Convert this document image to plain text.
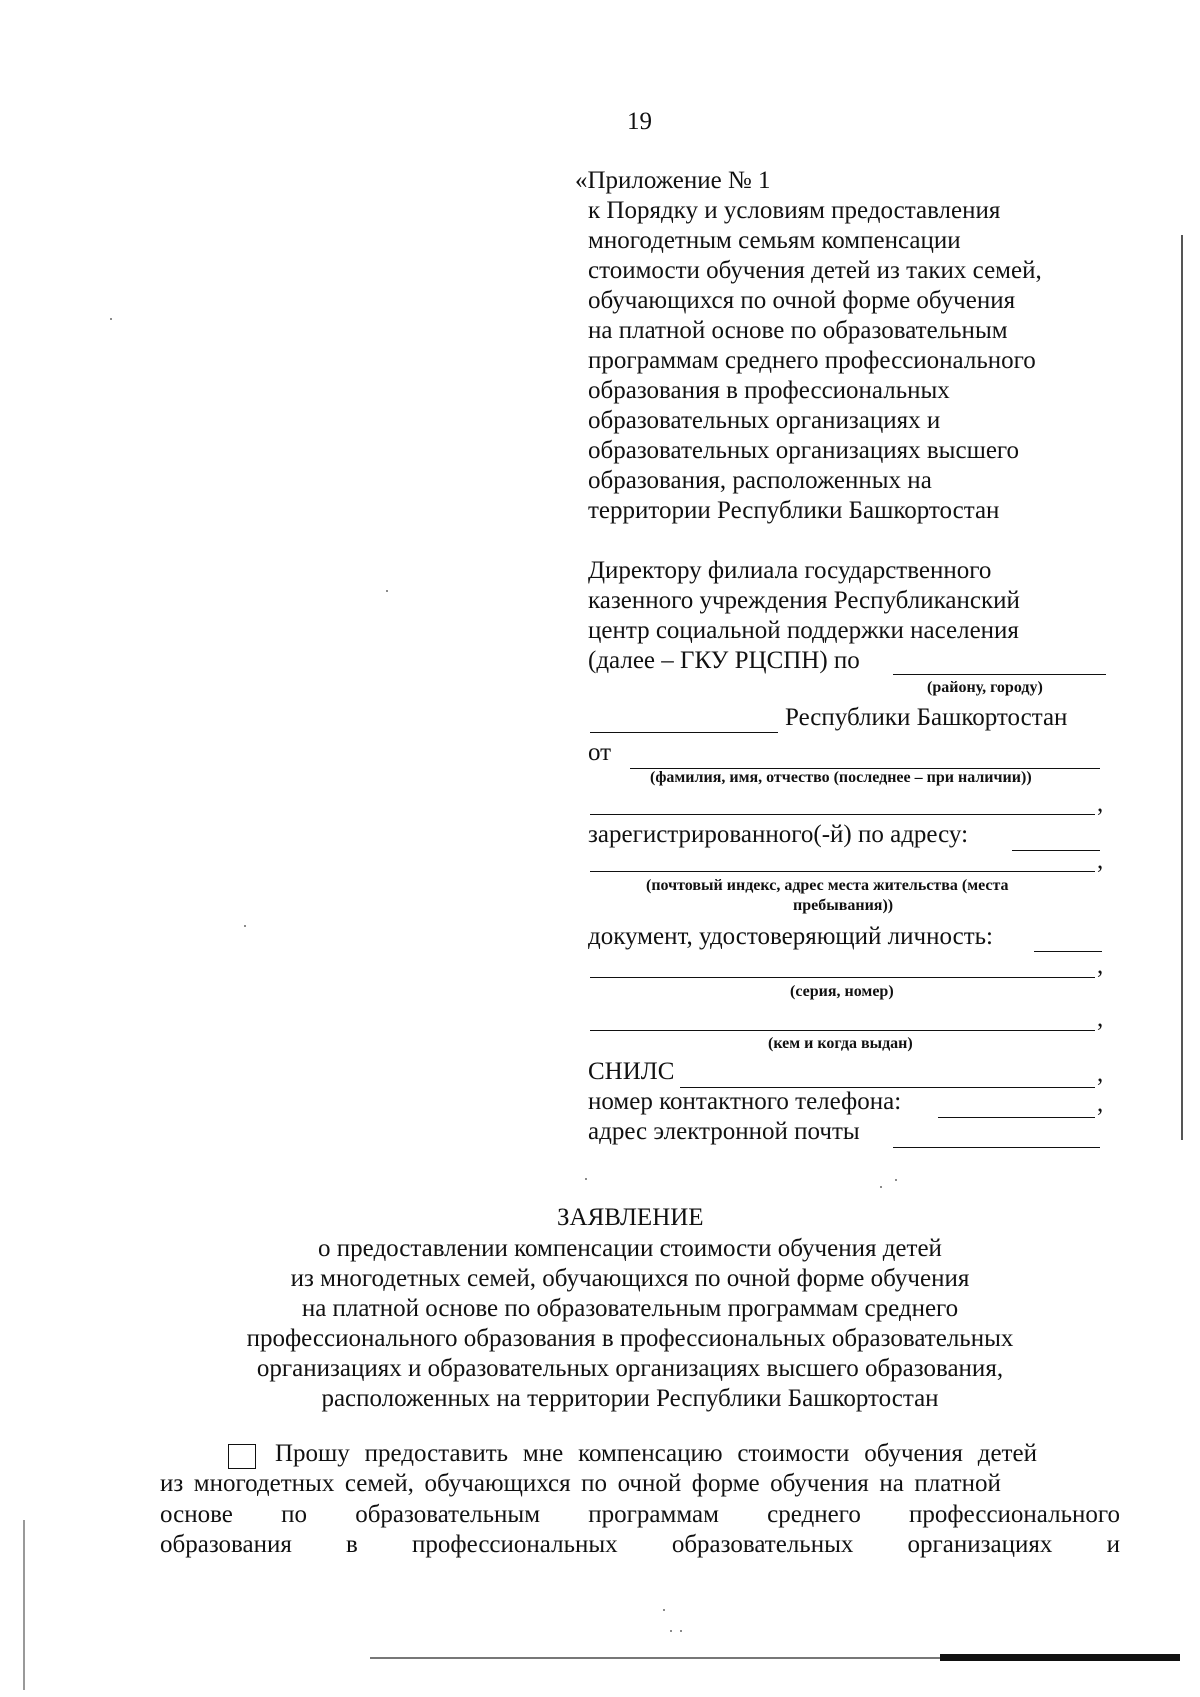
19
«Приложение № 1
к Порядку и условиям предоставления
многодетным семьям компенсации
стоимости обучения детей из таких семей,
обучающихся по очной форме обучения
на платной основе по образовательным
программам среднего профессионального
образования в профессиональных
образовательных организациях и
образовательных организациях высшего
образования, расположенных на
территории Республики Башкортостан
Директору филиала государственного
казенного учреждения Республиканский
центр социальной поддержки населения
(далее – ГКУ РЦСПН) по
(району, городу)
Республики Башкортостан
от
(фамилия, имя, отчество (последнее – при наличии))
,
зарегистрированного(-й) по адресу:
,
(почтовый индекс, адрес места жительства (места
пребывания))
документ, удостоверяющий личность:
,
(серия, номер)
,
(кем и когда выдан)
СНИЛС	,
номер контактного телефона:	,
адрес электронной почты
ЗАЯВЛЕНИЕ
о предоставлении компенсации стоимости обучения детей
из многодетных семей, обучающихся по очной форме обучения
на платной основе по образовательным программам среднего
профессионального образования в профессиональных образовательных
организациях и образовательных организациях высшего образования,
расположенных на территории Республики Башкортостан
Прошу предоставить мне компенсацию стоимости обучения детей
из многодетных семей, обучающихся по очной форме обучения на платной
основе по образовательным программам среднего профессионального
образования в профессиональных образовательных организациях и
